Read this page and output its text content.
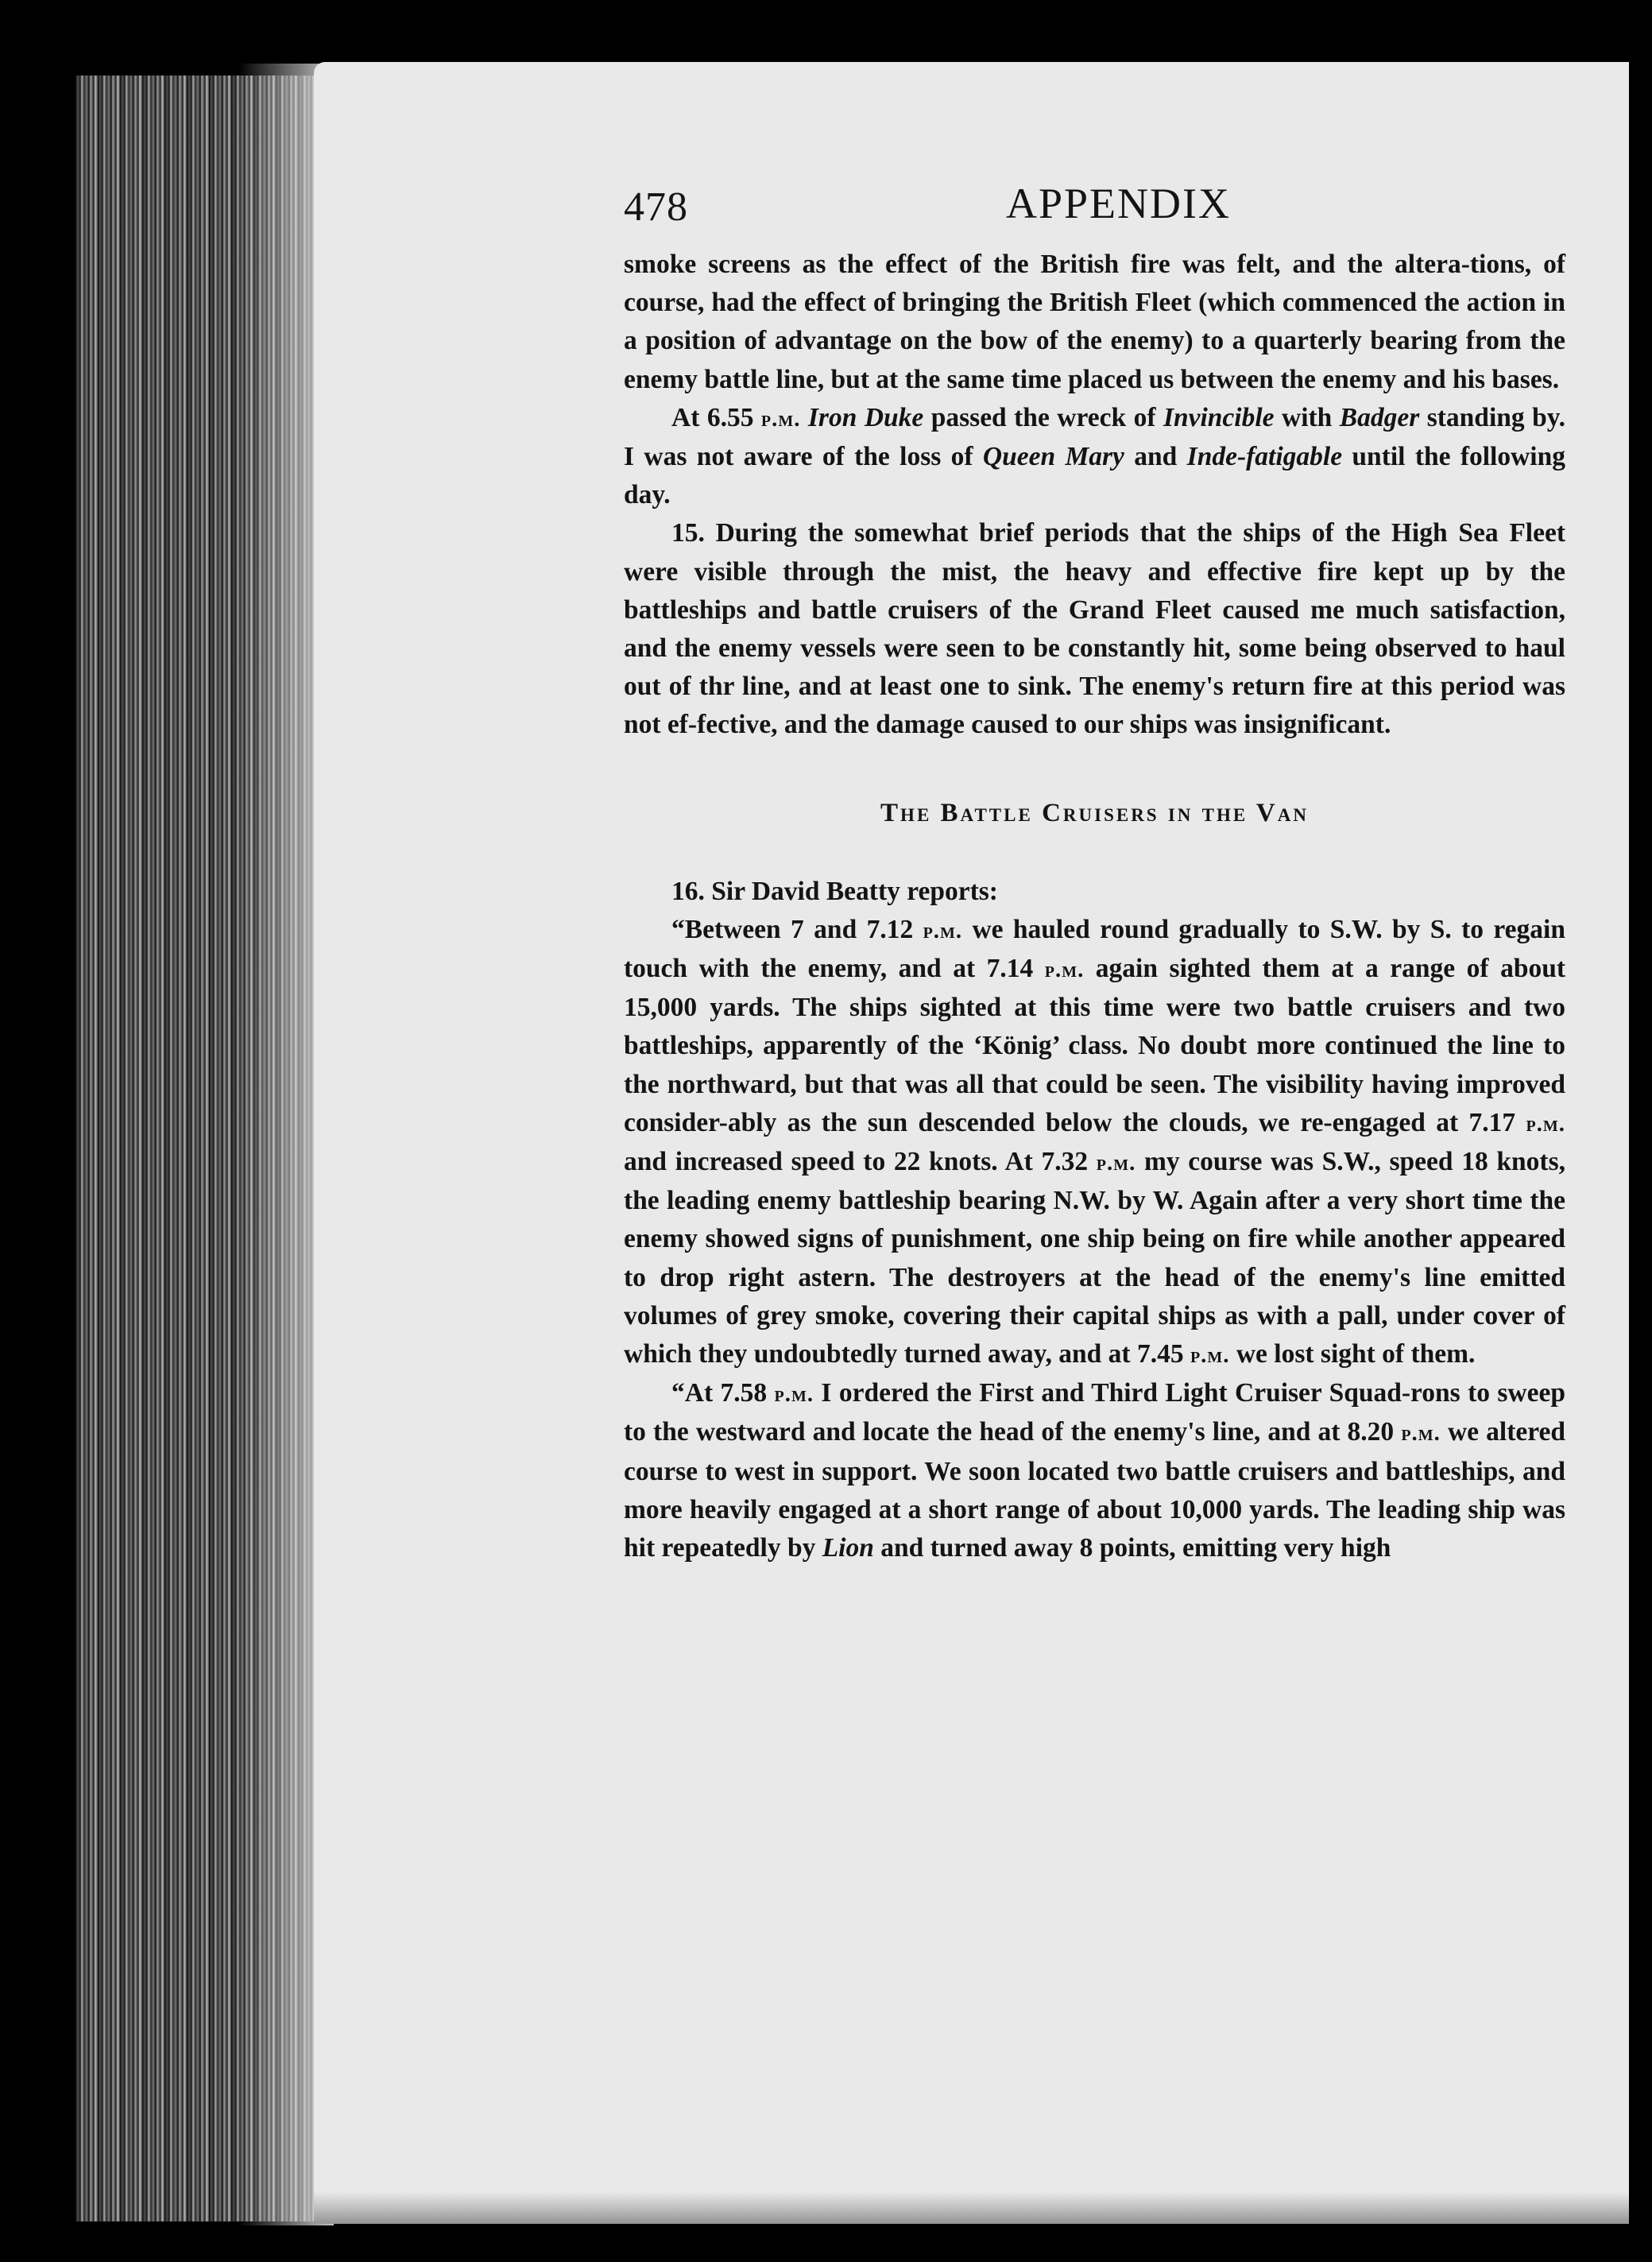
478	APPENDIX

smoke screens as the effect of the British fire was felt, and the altera-tions, of course, had the effect of bringing the British Fleet (which commenced the action in a position of advantage on the bow of the enemy) to a quarterly bearing from the enemy battle line, but at the same time placed us between the enemy and his bases.

At 6.55 p.m. Iron Duke passed the wreck of Invincible with Badger standing by. I was not aware of the loss of Queen Mary and Inde-fatigable until the following day.

15. During the somewhat brief periods that the ships of the High Sea Fleet were visible through the mist, the heavy and effective fire kept up by the battleships and battle cruisers of the Grand Fleet caused me much satisfaction, and the enemy vessels were seen to be constantly hit, some being observed to haul out of thr line, and at least one to sink. The enemy's return fire at this period was not ef-fective, and the damage caused to our ships was insignificant.

The Battle Cruisers in the Van

16. Sir David Beatty reports:

“Between 7 and 7.12 p.m. we hauled round gradually to S.W. by S. to regain touch with the enemy, and at 7.14 p.m. again sighted them at a range of about 15,000 yards. The ships sighted at this time were two battle cruisers and two battleships, apparently of the ‘König’ class. No doubt more continued the line to the northward, but that was all that could be seen. The visibility having improved consider-ably as the sun descended below the clouds, we re-engaged at 7.17 p.m. and increased speed to 22 knots. At 7.32 p.m. my course was S.W., speed 18 knots, the leading enemy battleship bearing N.W. by W. Again after a very short time the enemy showed signs of punishment, one ship being on fire while another appeared to drop right astern. The destroyers at the head of the enemy's line emitted volumes of grey smoke, covering their capital ships as with a pall, under cover of which they undoubtedly turned away, and at 7.45 p.m. we lost sight of them.

“At 7.58 p.m. I ordered the First and Third Light Cruiser Squad-rons to sweep to the westward and locate the head of the enemy's line, and at 8.20 p.m. we altered course to west in support. We soon located two battle cruisers and battleships, and more heavily engaged at a short range of about 10,000 yards. The leading ship was hit repeatedly by Lion and turned away 8 points, emitting very high
